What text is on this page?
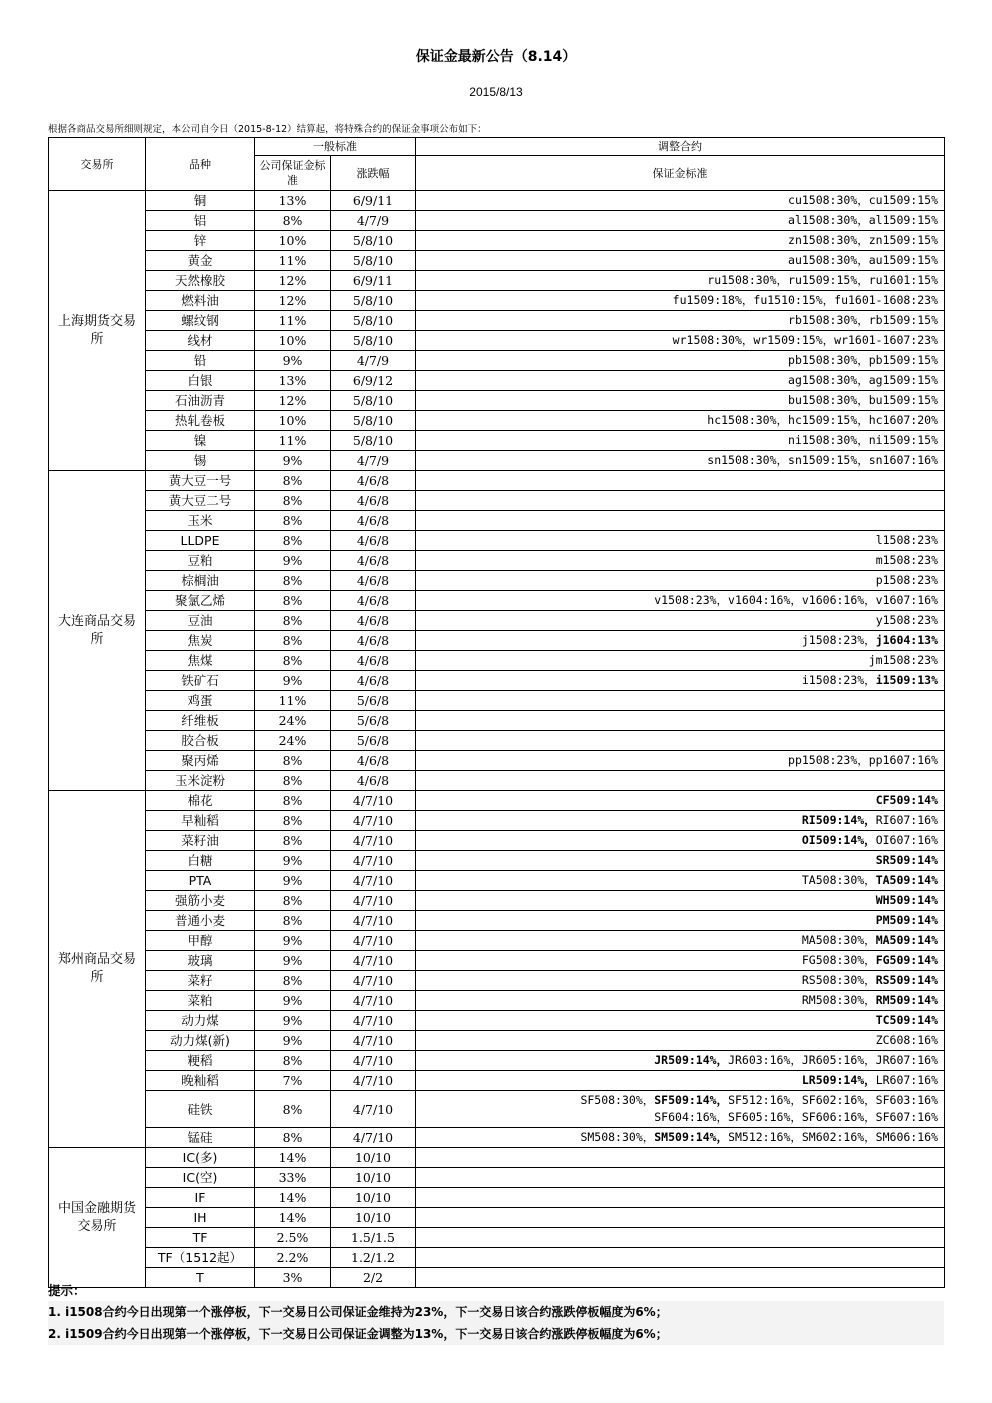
保证金最新公告（8.14）
2015/8/13
根据各商品交易所细则规定，本公司自今日（2015-8-12）结算起，将特殊合约的保证金事项公布如下：
交易所	品种	一般标准		调整合约
		公司保证金标准	涨跌幅	保证金标准
上海期货交易所	铜	13%	6/9/11	cu1508:30%，cu1509:15%
	铝	8%	4/7/9	al1508:30%，al1509:15%
	锌	10%	5/8/10	zn1508:30%，zn1509:15%
	黄金	11%	5/8/10	au1508:30%，au1509:15%
	天然橡胶	12%	6/9/11	ru1508:30%，ru1509:15%，ru1601:15%
	燃料油	12%	5/8/10	fu1509:18%，fu1510:15%，fu1601-1608:23%
	螺纹钢	11%	5/8/10	rb1508:30%，rb1509:15%
	线材	10%	5/8/10	wr1508:30%，wr1509:15%，wr1601-1607:23%
	铅	9%	4/7/9	pb1508:30%，pb1509:15%
	白银	13%	6/9/12	ag1508:30%，ag1509:15%
	石油沥青	12%	5/8/10	bu1508:30%，bu1509:15%
	热轧卷板	10%	5/8/10	hc1508:30%，hc1509:15%，hc1607:20%
	镍	11%	5/8/10	ni1508:30%，ni1509:15%
	锡	9%	4/7/9	sn1508:30%，sn1509:15%，sn1607:16%
大连商品交易所	黄大豆一号	8%	4/6/8	
	黄大豆二号	8%	4/6/8	
	玉米	8%	4/6/8	
	LLDPE	8%	4/6/8	l1508:23%
	豆粕	9%	4/6/8	m1508:23%
	棕榈油	8%	4/6/8	p1508:23%
	聚氯乙烯	8%	4/6/8	v1508:23%，v1604:16%，v1606:16%，v1607:16%
	豆油	8%	4/6/8	y1508:23%
	焦炭	8%	4/6/8	j1508:23%，j1604:13%
	焦煤	8%	4/6/8	jm1508:23%
	铁矿石	9%	4/6/8	i1508:23%，i1509:13%
	鸡蛋	11%	5/6/8	
	纤维板	24%	5/6/8	
	胶合板	24%	5/6/8	
	聚丙烯	8%	4/6/8	pp1508:23%，pp1607:16%
	玉米淀粉	8%	4/6/8	
郑州商品交易所	棉花	8%	4/7/10	CF509:14%
	早籼稻	8%	4/7/10	RI509:14%，RI607:16%
	菜籽油	8%	4/7/10	OI509:14%，OI607:16%
	白糖	9%	4/7/10	SR509:14%
	PTA	9%	4/7/10	TA508:30%，TA509:14%
	强筋小麦	8%	4/7/10	WH509:14%
	普通小麦	8%	4/7/10	PM509:14%
	甲醇	9%	4/7/10	MA508:30%，MA509:14%
	玻璃	9%	4/7/10	FG508:30%，FG509:14%
	菜籽	8%	4/7/10	RS508:30%，RS509:14%
	菜粕	9%	4/7/10	RM508:30%，RM509:14%
	动力煤	9%	4/7/10	TC509:14%
	动力煤(新)	9%	4/7/10	ZC608:16%
	粳稻	8%	4/7/10	JR509:14%，JR603:16%，JR605:16%，JR607:16%
	晚籼稻	7%	4/7/10	LR509:14%，LR607:16%
	硅铁	8%	4/7/10	SF508:30%，SF509:14%，SF512:16%，SF602:16%，SF603:16%
SF604:16%，SF605:16%，SF606:16%，SF607:16%
	锰硅	8%	4/7/10	SM508:30%，SM509:14%，SM512:16%，SM602:16%，SM606:16%
中国金融期货交易所	IC(多)	14%	10/10	
	IC(空)	33%	10/10	
	IF	14%	10/10	
	IH	14%	10/10	
	TF	2.5%	1.5/1.5	
	TF（1512起）	2.2%	1.2/1.2	
	T	3%	2/2	
提示：
1. i1508合约今日出现第一个涨停板，下一交易日公司保证金维持为23%，下一交易日该合约涨跌停板幅度为6%；
2. i1509合约今日出现第一个涨停板，下一交易日公司保证金调整为13%，下一交易日该合约涨跌停板幅度为6%；
